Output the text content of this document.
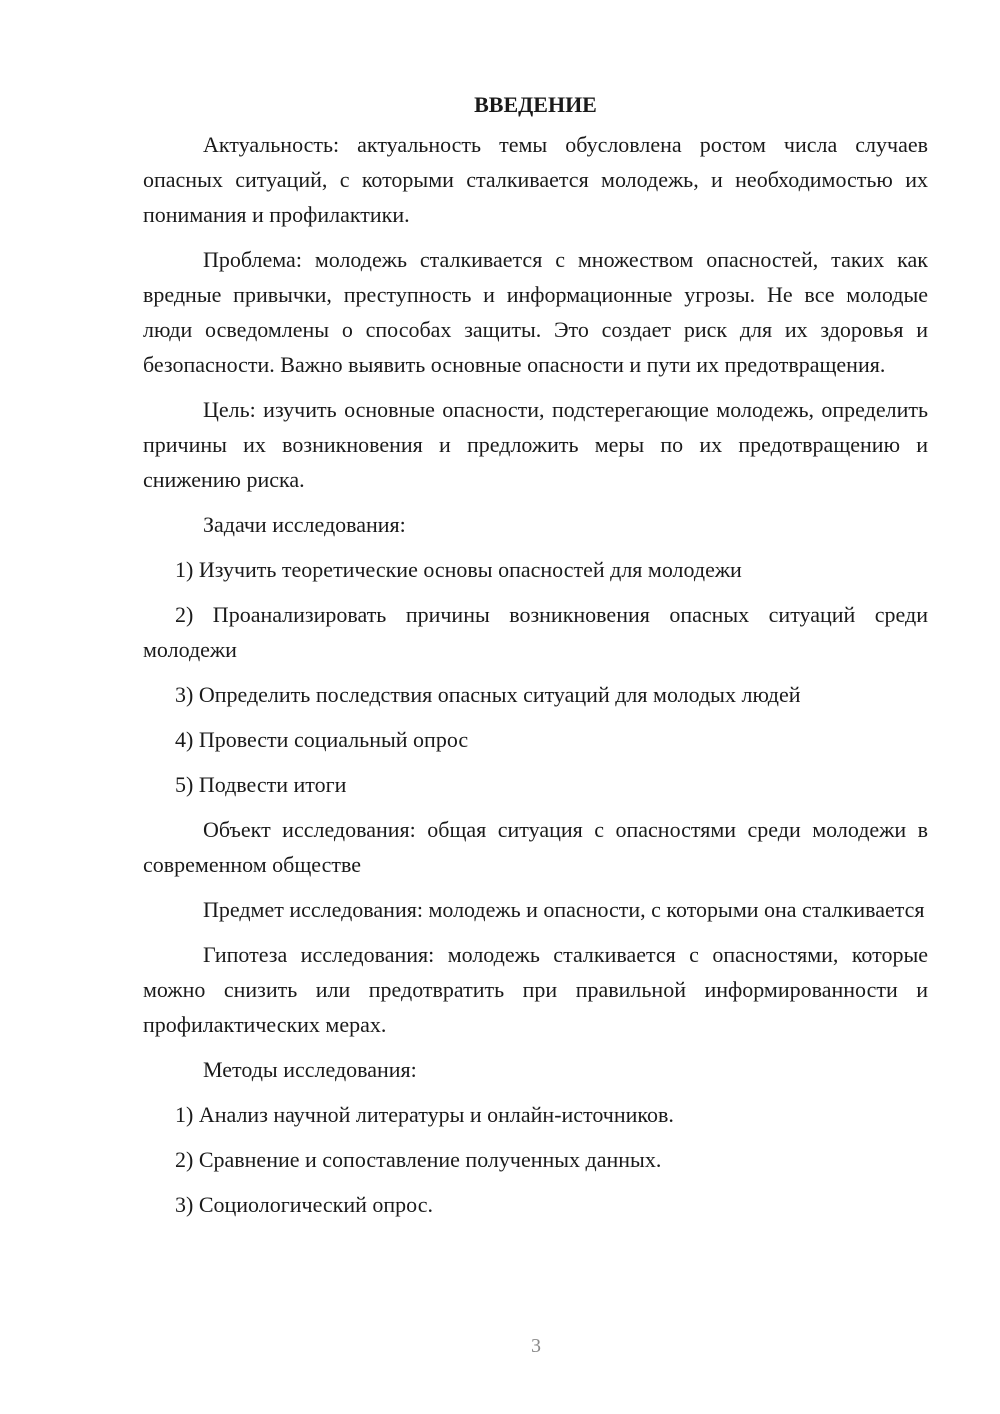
ВВЕДЕНИЕ

Актуальность: актуальность темы обусловлена ростом числа случаев опасных ситуаций, с которыми сталкивается молодежь, и необходимостью их понимания и профилактики.

Проблема: молодежь сталкивается с множеством опасностей, таких как вредные привычки, преступность и информационные угрозы. Не все молодые люди осведомлены о способах защиты. Это создает риск для их здоровья и безопасности. Важно выявить основные опасности и пути их предотвращения.

Цель: изучить основные опасности, подстерегающие молодежь, определить причины их возникновения и предложить меры по их предотвращению и снижению риска.

Задачи исследования:

1) Изучить теоретические основы опасностей для молодежи

2) Проанализировать причины возникновения опасных ситуаций среди молодежи

3) Определить последствия опасных ситуаций для молодых людей

4) Провести социальный опрос

5) Подвести итоги

Объект исследования: общая ситуация с опасностями среди молодежи в современном обществе

Предмет исследования: молодежь и опасности, с которыми она сталкивается

Гипотеза исследования: молодежь сталкивается с опасностями, которые можно снизить или предотвратить при правильной информированности и профилактических мерах.

Методы исследования:

1) Анализ научной литературы и онлайн-источников.

2) Сравнение и сопоставление полученных данных.

3) Социологический опрос.

3
